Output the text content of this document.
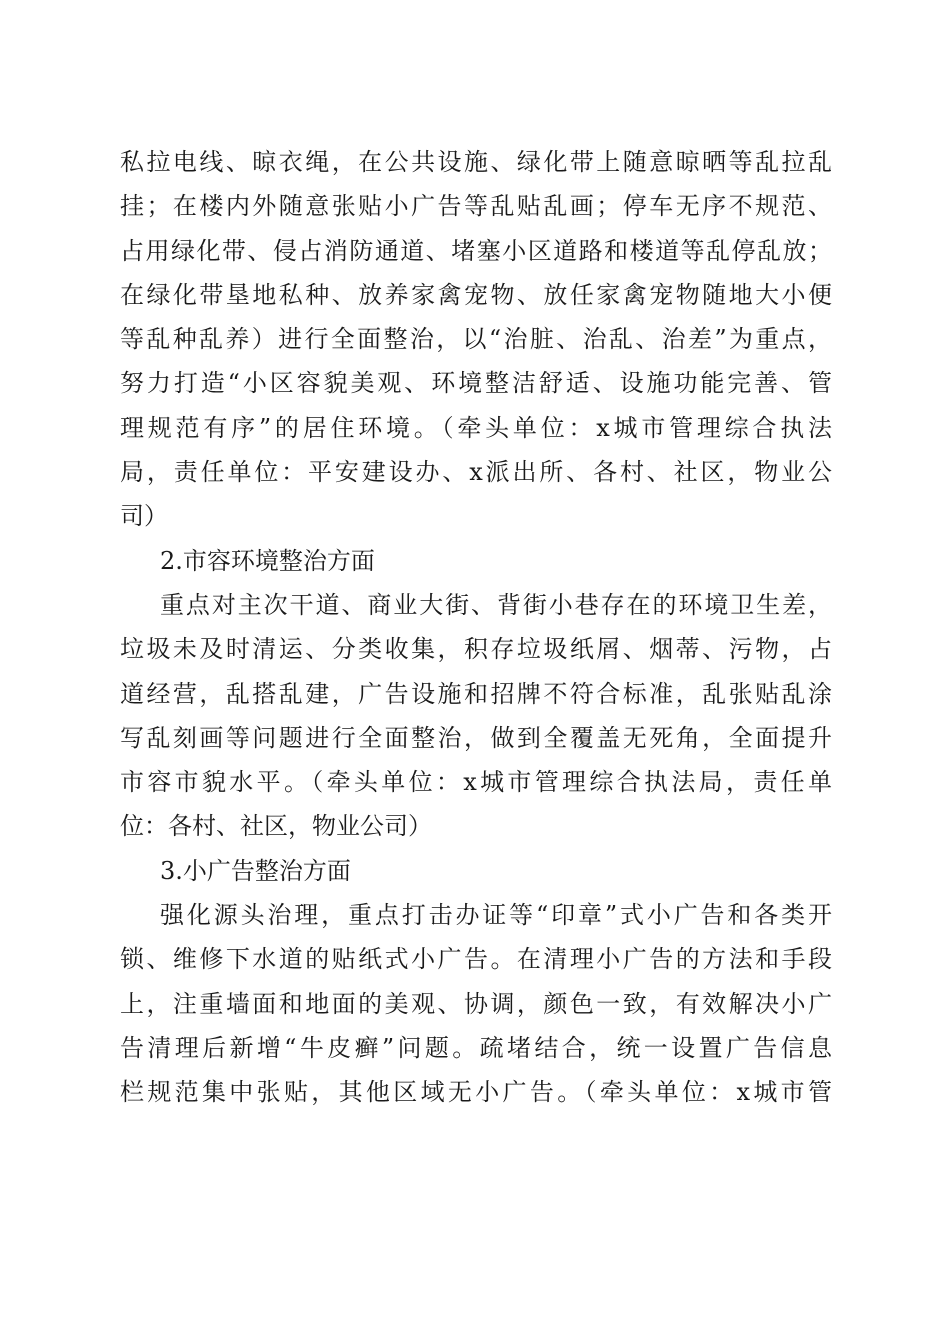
私拉电线、晾衣绳，在公共设施、绿化带上随意晾晒等乱拉乱
挂；在楼内外随意张贴小广告等乱贴乱画；停车无序不规范、
占用绿化带、侵占消防通道、堵塞小区道路和楼道等乱停乱放；
在绿化带垦地私种、放养家禽宠物、放任家禽宠物随地大小便
等乱种乱养）进行全面整治，以“治脏、治乱、治差”为重点，
努力打造“小区容貌美观、环境整洁舒适、设施功能完善、管
理规范有序”的居住环境。（牵头单位：x城市管理综合执法
局，责任单位：平安建设办、x派出所、各村、社区，物业公
司）
2.市容环境整治方面
重点对主次干道、商业大街、背街小巷存在的环境卫生差，
垃圾未及时清运、分类收集，积存垃圾纸屑、烟蒂、污物，占
道经营，乱搭乱建，广告设施和招牌不符合标准，乱张贴乱涂
写乱刻画等问题进行全面整治，做到全覆盖无死角，全面提升
市容市貌水平。（牵头单位：x城市管理综合执法局，责任单
位：各村、社区，物业公司）
3.小广告整治方面
强化源头治理，重点打击办证等“印章”式小广告和各类开
锁、维修下水道的贴纸式小广告。在清理小广告的方法和手段
上，注重墙面和地面的美观、协调，颜色一致，有效解决小广
告清理后新增“牛皮癣”问题。疏堵结合，统一设置广告信息
栏规范集中张贴，其他区域无小广告。（牵头单位：x城市管
